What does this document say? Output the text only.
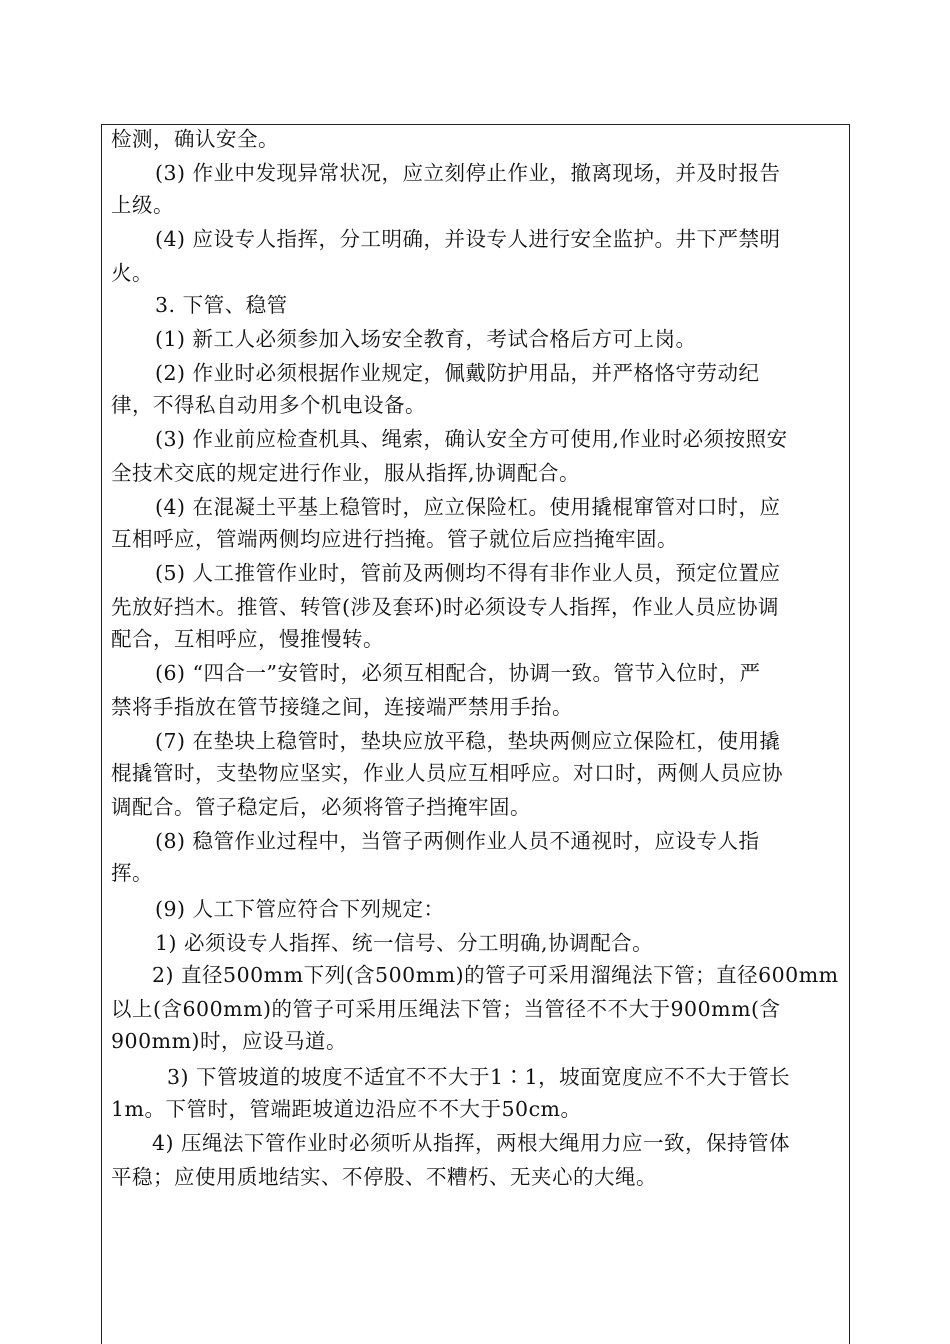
检测，确认安全。
(3) 作业中发现异常状况，应立刻停止作业，撤离现场，并及时报告
上级。
(4) 应设专人指挥，分工明确，并设专人进行安全监护。井下严禁明
火。
3. 下管、稳管
(1) 新工人必须参加入场安全教育，考试合格后方可上岗。
(2) 作业时必须根据作业规定，佩戴防护用品，并严格恪守劳动纪
律，不得私自动用多个机电设备。
(3) 作业前应检查机具、绳索，确认安全方可使用,作业时必须按照安
全技术交底的规定进行作业，服从指挥,协调配合。
(4) 在混凝土平基上稳管时，应立保险杠。使用撬棍窜管对口时，应
互相呼应，管端两侧均应进行挡掩。管子就位后应挡掩牢固。
(5) 人工推管作业时，管前及两侧均不得有非作业人员，预定位置应
先放好挡木。推管、转管(涉及套环)时必须设专人指挥，作业人员应协调
配合，互相呼应，慢推慢转。
(6) “四合一”安管时，必须互相配合，协调一致。管节入位时，严
禁将手指放在管节接缝之间，连接端严禁用手抬。
(7) 在垫块上稳管时，垫块应放平稳，垫块两侧应立保险杠，使用撬
棍撬管时，支垫物应坚实，作业人员应互相呼应。对口时，两侧人员应协
调配合。管子稳定后，必须将管子挡掩牢固。
(8) 稳管作业过程中，当管子两侧作业人员不通视时，应设专人指
挥。
(9) 人工下管应符合下列规定：
1) 必须设专人指挥、统一信号、分工明确,协调配合。
2) 直径500mm下列(含500mm)的管子可采用溜绳法下管；直径600mm
以上(含600mm)的管子可采用压绳法下管；当管径不不大于900mm(含
900mm)时，应设马道。
3) 下管坡道的坡度不适宜不不大于1∶1，坡面宽度应不不大于管长
1m。下管时，管端距坡道边沿应不不大于50cm。
4) 压绳法下管作业时必须听从指挥，两根大绳用力应一致，保持管体
平稳；应使用质地结实、不停股、不糟朽、无夹心的大绳。
